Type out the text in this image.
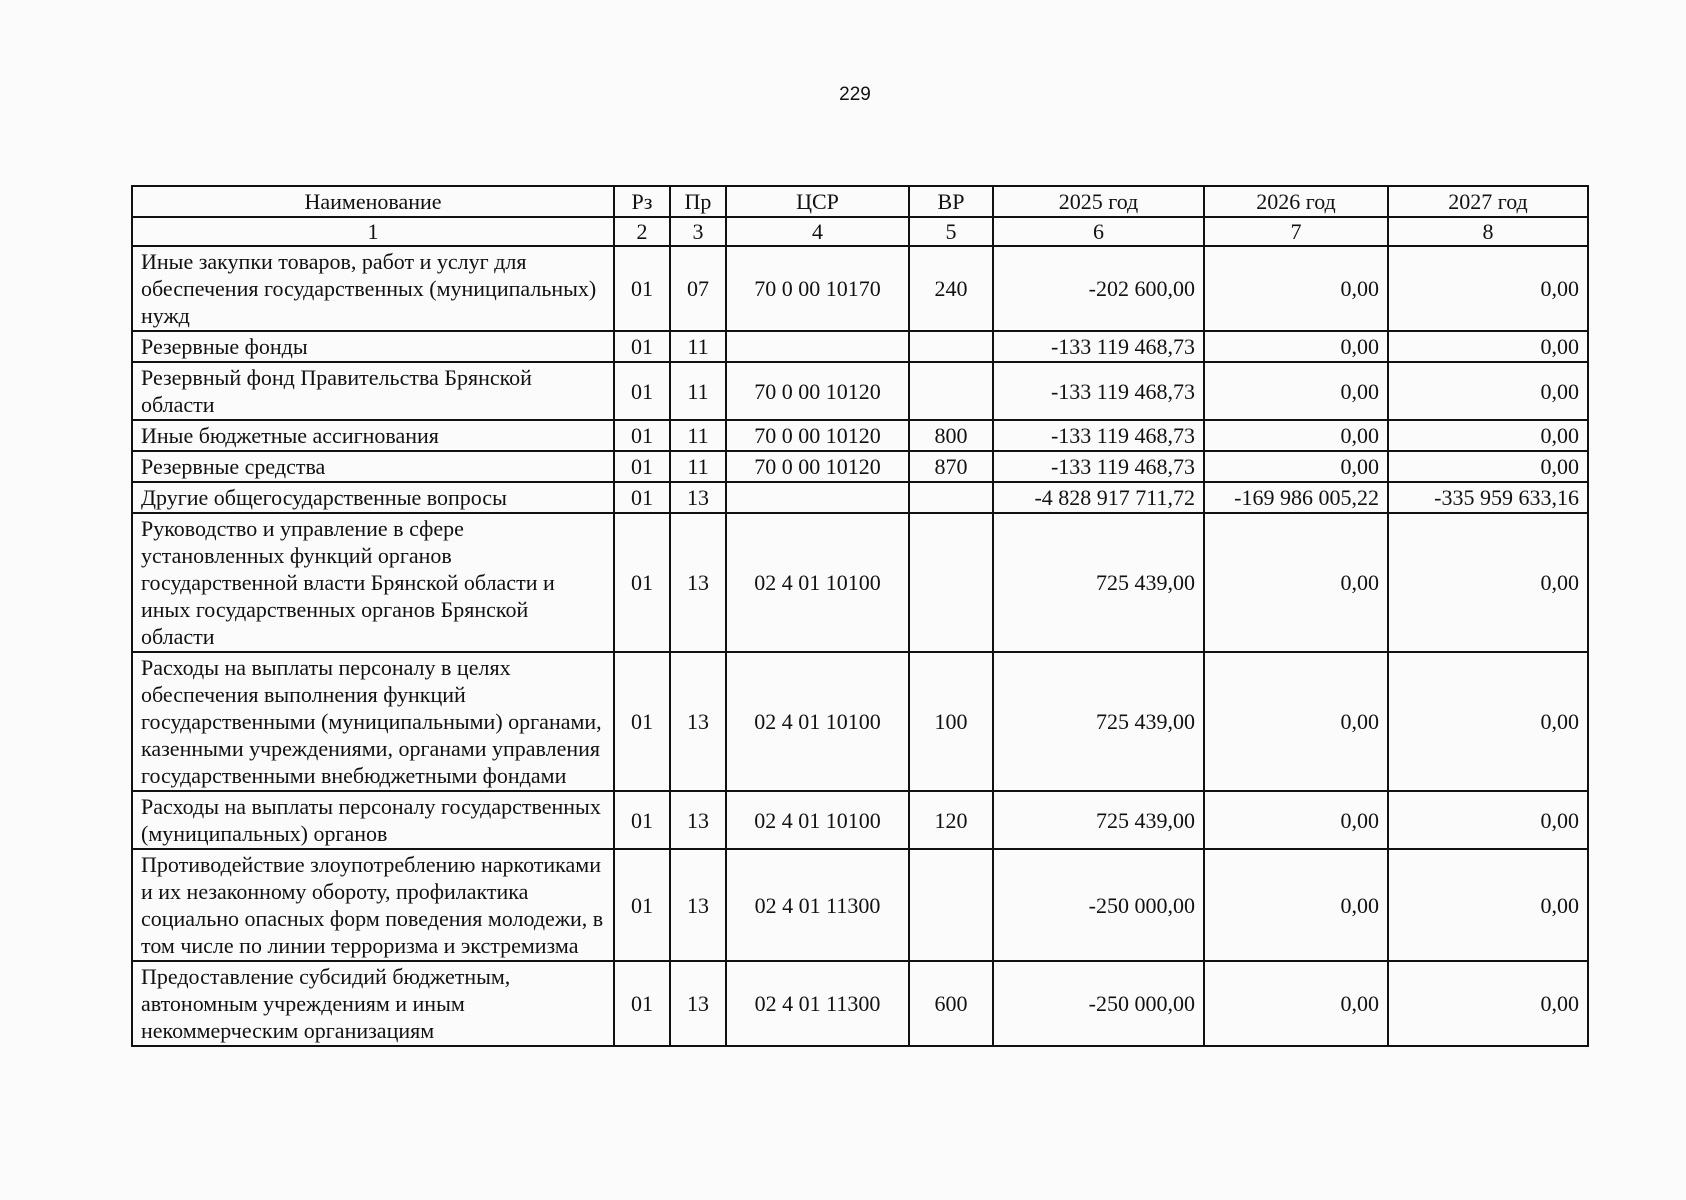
229
Наименование	Рз	Пр	ЦСР	ВР	2025 год	2026 год	2027 год
1	2	3	4	5	6	7	8
Иные закупки товаров, работ и услуг для обеспечения государственных (муниципальных) нужд	01	07	70 0 00 10170	240	-202 600,00	0,00	0,00
Резервные фонды	01	11			-133 119 468,73	0,00	0,00
Резервный фонд Правительства Брянской области	01	11	70 0 00 10120		-133 119 468,73	0,00	0,00
Иные бюджетные ассигнования	01	11	70 0 00 10120	800	-133 119 468,73	0,00	0,00
Резервные средства	01	11	70 0 00 10120	870	-133 119 468,73	0,00	0,00
Другие общегосударственные вопросы	01	13			-4 828 917 711,72	-169 986 005,22	-335 959 633,16
Руководство и управление в сфере установленных функций органов государственной власти Брянской области и иных государственных органов Брянской области	01	13	02 4 01 10100		725 439,00	0,00	0,00
Расходы на выплаты персоналу в целях обеспечения выполнения функций государственными (муниципальными) органами, казенными учреждениями, органами управления государственными внебюджетными фондами	01	13	02 4 01 10100	100	725 439,00	0,00	0,00
Расходы на выплаты персоналу государственных (муниципальных) органов	01	13	02 4 01 10100	120	725 439,00	0,00	0,00
Противодействие злоупотреблению наркотиками и их незаконному обороту, профилактика социально опасных форм поведения молодежи, в том числе по линии терроризма и экстремизма	01	13	02 4 01 11300		-250 000,00	0,00	0,00
Предоставление субсидий бюджетным, автономным учреждениям и иным некоммерческим организациям	01	13	02 4 01 11300	600	-250 000,00	0,00	0,00
